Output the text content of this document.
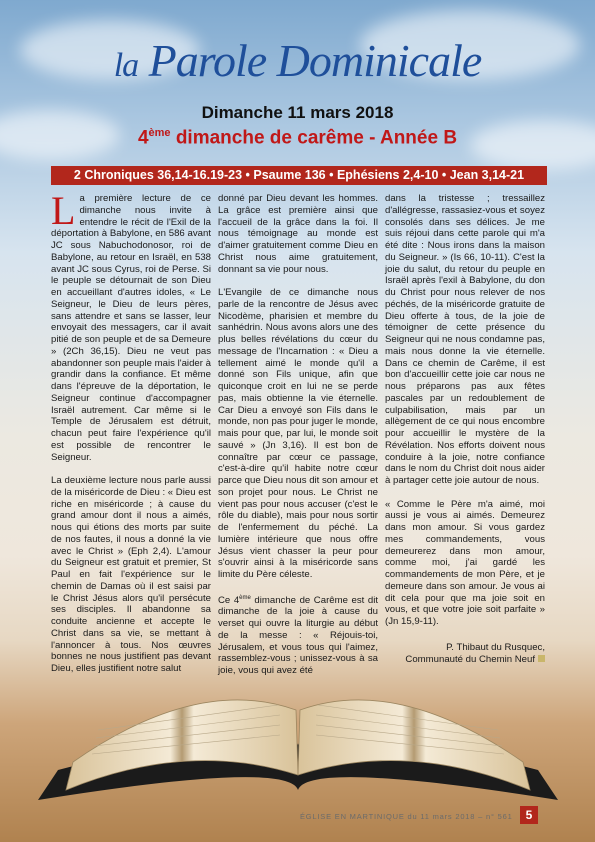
la Parole Dominicale
Dimanche 11 mars 2018
4ème dimanche de carême - Année B
2 Chroniques 36,14-16.19-23 • Psaume 136 • Ephésiens 2,4-10 • Jean 3,14-21

La première lecture de ce dimanche nous invite à entendre le récit de l'Exil de la déportation à Babylone, en 586 avant JC sous Nabuchodonosor, roi de Babylone, au retour en Israël, en 538 avant JC sous Cyrus, roi de Perse. Si le peuple se détournait de son Dieu en accueillant d'autres idoles, « Le Seigneur, le Dieu de leurs pères, sans attendre et sans se lasser, leur envoyait des messagers, car il avait pitié de son peuple et de sa Demeure » (2Ch 36,15). Dieu ne veut pas abandonner son peuple mais l'aider à grandir dans la confiance. Et même dans l'épreuve de la déportation, le Seigneur continue d'accompagner Israël autrement. Car même si le Temple de Jérusalem est détruit, chacun peut faire l'expérience qu'il est possible de rencontrer le Seigneur.

La deuxième lecture nous parle aussi de la miséricorde de Dieu : « Dieu est riche en miséricorde ; à cause du grand amour dont il nous a aimés, nous qui étions des morts par suite de nos fautes, il nous a donné la vie avec le Christ » (Eph 2,4). L'amour du Seigneur est gratuit et premier, St Paul en fait l'expérience sur le chemin de Damas où il est saisi par le Christ Jésus alors qu'il persécute ses disciples. Il abandonne sa conduite ancienne et accepte le Christ dans sa vie, se mettant à l'annoncer à tous. Nos œuvres bonnes ne nous justifient pas devant Dieu, elles justifient notre salut

donné par Dieu devant les hommes. La grâce est première ainsi que l'accueil de la grâce dans la foi. Il nous témoignage au monde est d'aimer gratuitement comme Dieu en Christ nous aime gratuitement, donnant sa vie pour nous.

L'Evangile de ce dimanche nous parle de la rencontre de Jésus avec Nicodème, pharisien et membre du sanhédrin. Nous avons alors une des plus belles révélations du cœur du message de l'Incarnation : « Dieu a tellement aimé le monde qu'il a donné son Fils unique, afin que quiconque croit en lui ne se perde pas, mais obtienne la vie éternelle. Car Dieu a envoyé son Fils dans le monde, non pas pour juger le monde, mais pour que, par lui, le monde soit sauvé » (Jn 3,16). Il est bon de connaître par cœur ce passage, c'est-à-dire qu'il habite notre cœur parce que Dieu nous dit son amour et son projet pour nous. Le Christ ne vient pas pour nous accuser (c'est le rôle du diable), mais pour nous sortir de l'enfermement du péché. La lumière intérieure que nous offre Jésus vient chasser la peur pour s'ouvrir ainsi à la miséricorde sans limite du Père céleste.

Ce 4ème dimanche de Carême est dit dimanche de la joie à cause du verset qui ouvre la liturgie au début de la messe : « Réjouis-toi, Jérusalem, et vous tous qui l'aimez, rassemblez-vous ; unissez-vous à sa joie, vous qui avez été

dans la tristesse ; tressaillez d'allégresse, rassasiez-vous et soyez consolés dans ses délices. Je me suis réjoui dans cette parole qui m'a été dite : Nous irons dans la maison du Seigneur. » (Is 66, 10-11). C'est la joie du salut, du retour du peuple en Israël après l'exil à Babylone, du don du Christ pour nous relever de nos péchés, de la miséricorde gratuite de Dieu offerte à tous, de la joie de témoigner de cette présence du Seigneur qui ne nous condamne pas, mais nous donne la vie éternelle. Dans ce chemin de Carême, il est bon d'accueillir cette joie car nous ne nous préparons pas aux fêtes pascales par un redoublement de culpabilisation, mais par un allègement de ce qui nous encombre pour accueillir le mystère de la Révélation. Nos efforts doivent nous conduire à la joie, notre confiance dans le nom du Christ doit nous aider à partager cette joie autour de nous.

« Comme le Père m'a aimé, moi aussi je vous ai aimés. Demeurez dans mon amour. Si vous gardez mes commandements, vous demeurerez dans mon amour, comme moi, j'ai gardé les commandements de mon Père, et je demeure dans son amour. Je vous ai dit cela pour que ma joie soit en vous, et que votre joie soit parfaite » (Jn 15,9-11).

P. Thibaut du Rusquec,
Communauté du Chemin Neuf
ÉGLISE EN MARTINIQUE du 11 mars 2018 – n° 561	5
